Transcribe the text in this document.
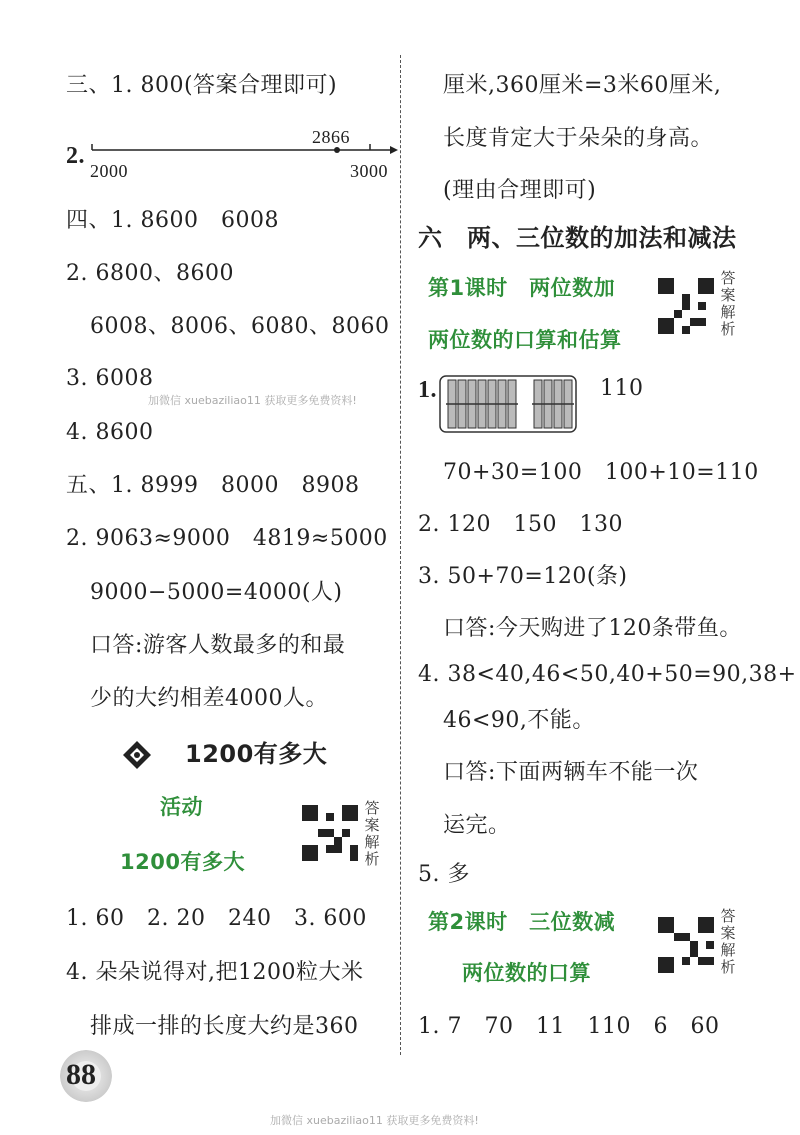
三、1. 800(答案合理即可)
2.
2000	3000
2866
四、1. 8600　6008
2. 6800、8600
6008、8006、6080、8060
3. 6008
加微信 xuebaziliao11 获取更多免费资料!
4. 8600
五、1. 8999　8000　8908
2. 9063≈9000　4819≈5000
9000−5000=4000(人)
口答:游客人数最多的和最
少的大约相差4000人。
1200有多大
活动
1200有多大
答案解析
1. 60　2. 20　240　3. 600
4. 朵朵说得对,把1200粒大米
排成一排的长度大约是360
88
厘米,360厘米=3米60厘米,
长度肯定大于朵朵的身高。
(理由合理即可)
六　两、三位数的加法和减法
第1课时　两位数加
两位数的口算和估算
答案解析
1.	110
70+30=100　100+10=110
2. 120　150　130
3. 50+70=120(条)
口答:今天购进了120条带鱼。
4. 38<40,46<50,40+50=90,38+
46<90,不能。
口答:下面两辆车不能一次
运完。
5. 多
第2课时　三位数减
两位数的口算
答案解析
1. 7　70　11　110　6　60
加微信 xuebaziliao11 获取更多免费资料!
